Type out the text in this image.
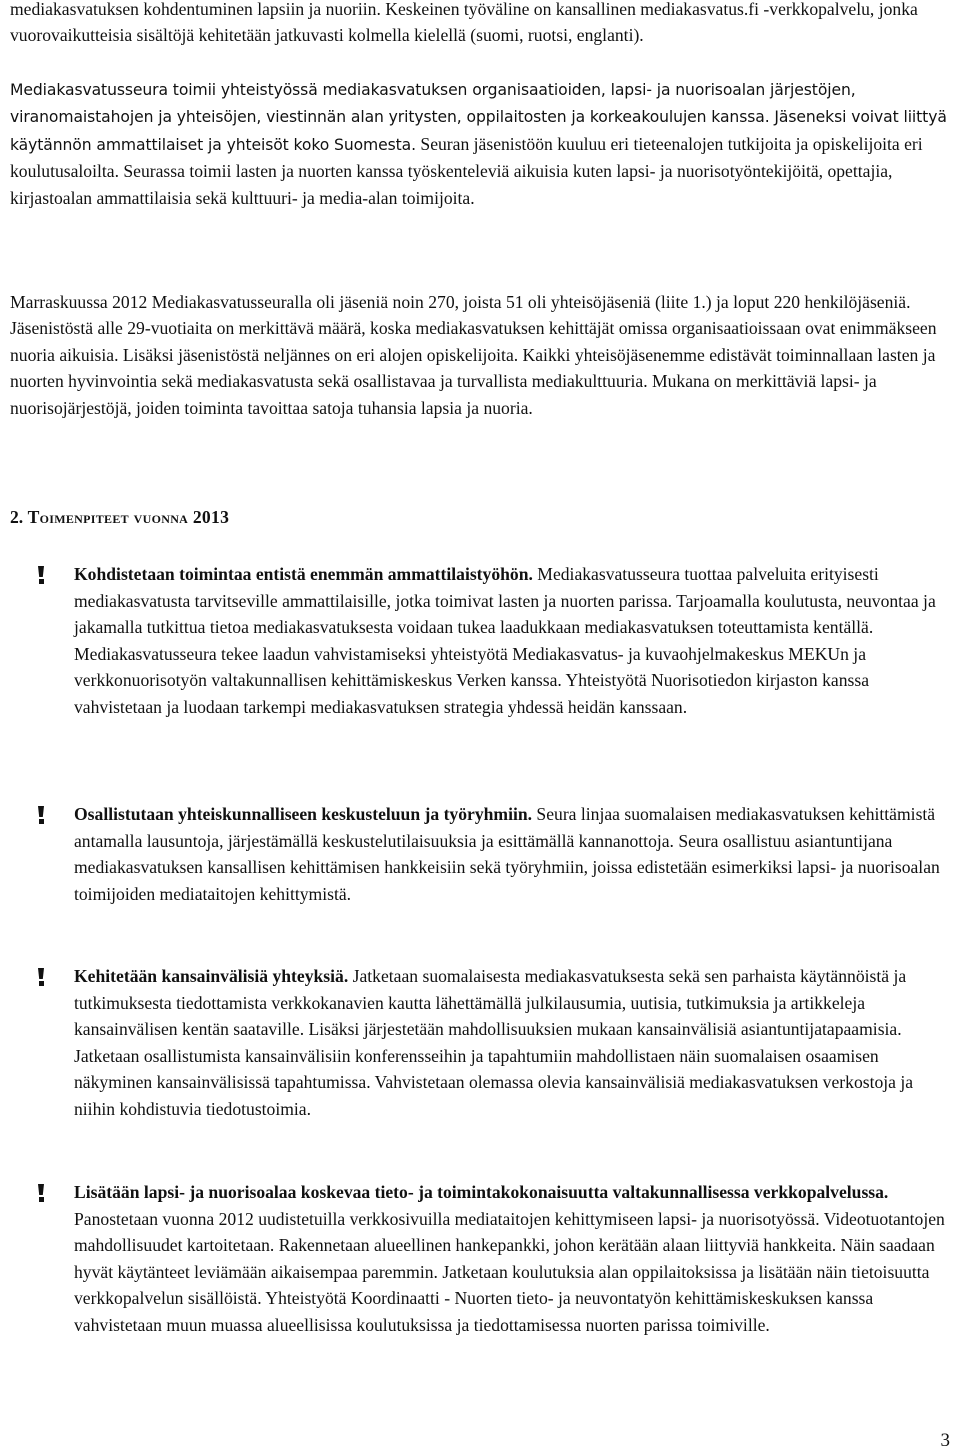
mediakasvatuksen kohdentuminen lapsiin ja nuoriin. Keskeinen työväline on kansallinen mediakasvatus.fi -verkkopalvelu, jonka vuorovaikutteisia sisältöjä kehitetään jatkuvasti kolmella kielellä (suomi, ruotsi, englanti).
Mediakasvatusseura toimii yhteistyössä mediakasvatuksen organisaatioiden, lapsi- ja nuorisoalan järjestöjen, viranomaistahojen ja yhteisöjen, viestinnän alan yritysten, oppilaitosten ja korkeakoulujen kanssa. Jäseneksi voivat liittyä käytännön ammattilaiset ja yhteisöt koko Suomesta. Seuran jäsenistöön kuuluu eri tieteenalojen tutkijoita ja opiskelijoita eri koulutusaloilta. Seurassa toimii lasten ja nuorten kanssa työskenteleviä aikuisia kuten lapsi- ja nuorisotyöntekijöitä, opettajia, kirjastoalan ammattilaisia sekä kulttuuri- ja media-alan toimijoita.
Marraskuussa 2012 Mediakasvatusseuralla oli jäseniä noin 270, joista 51 oli yhteisöjäseniä (liite 1.) ja loput 220 henkilöjäseniä. Jäsenistöstä alle 29-vuotiaita on merkittävä määrä, koska mediakasvatuksen kehittäjät omissa organisaatioissaan ovat enimmäkseen nuoria aikuisia. Lisäksi jäsenistöstä neljännes on eri alojen opiskelijoita. Kaikki yhteisöjäsenemme edistävät toiminnallaan lasten ja nuorten hyvinvointia sekä mediakasvatusta sekä osallistavaa ja turvallista mediakulttuuria. Mukana on merkittäviä lapsi- ja nuorisojärjestöjä, joiden toiminta tavoittaa satoja tuhansia lapsia ja nuoria.
2. Toimenpiteet vuonna 2013
Kohdistetaan toimintaa entistä enemmän ammattilaistyöhön. Mediakasvatusseura tuottaa palveluita erityisesti mediakasvatusta tarvitseville ammattilaisille, jotka toimivat lasten ja nuorten parissa. Tarjoamalla koulutusta, neuvontaa ja jakamalla tutkittua tietoa mediakasvatuksesta voidaan tukea laadukkaan mediakasvatuksen toteuttamista kentällä. Mediakasvatusseura tekee laadun vahvistamiseksi yhteistyötä Mediakasvatus- ja kuvaohjelmakeskus MEKUn ja verkkonuorisotyön valtakunnallisen kehittämiskeskus Verken kanssa. Yhteistyötä Nuorisotiedon kirjaston kanssa vahvistetaan ja luodaan tarkempi mediakasvatuksen strategia yhdessä heidän kanssaan.
Osallistutaan yhteiskunnalliseen keskusteluun ja työryhmiin. Seura linjaa suomalaisen mediakasvatuksen kehittämistä antamalla lausuntoja, järjestämällä keskustelutilaisuuksia ja esittämällä kannanottoja. Seura osallistuu asiantuntijana mediakasvatuksen kansallisen kehittämisen hankkeisiin sekä työryhmiin, joissa edistetään esimerkiksi lapsi- ja nuorisoalan toimijoiden mediataitojen kehittymistä.
Kehitetään kansainvälisiä yhteyksiä. Jatketaan suomalaisesta mediakasvatuksesta sekä sen parhaista käytännöistä ja tutkimuksesta tiedottamista verkkokanavien kautta lähettämällä julkilausumia, uutisia, tutkimuksia ja artikkeleja kansainvälisen kentän saataville. Lisäksi järjestetään mahdollisuuksien mukaan kansainvälisiä asiantuntijatapaamisia. Jatketaan osallistumista kansainvälisiin konferensseihin ja tapahtumiin mahdollistaen näin suomalaisen osaamisen näkyminen kansainvälisissä tapahtumissa. Vahvistetaan olemassa olevia kansainvälisiä mediakasvatuksen verkostoja ja niihin kohdistuvia tiedotustoimia.
Lisätään lapsi- ja nuorisoalaa koskevaa tieto- ja toimintakokonaisuutta valtakunnallisessa verkkopalvelussa. Panostetaan vuonna 2012 uudistetuilla verkkosivuilla mediataitojen kehittymiseen lapsi- ja nuorisotyössä. Videotuotantojen mahdollisuudet kartoitetaan. Rakennetaan alueellinen hankepankki, johon kerätään alaan liittyviä hankkeita. Näin saadaan hyvät käytänteet leviämään aikaisempaa paremmin. Jatketaan koulutuksia alan oppilaitoksissa ja lisätään näin tietoisuutta verkkopalvelun sisällöistä. Yhteistyötä Koordinaatti - Nuorten tieto- ja neuvontatyön kehittämiskeskuksen kanssa vahvistetaan muun muassa alueellisissa koulutuksissa ja tiedottamisessa nuorten parissa toimiville.
3
